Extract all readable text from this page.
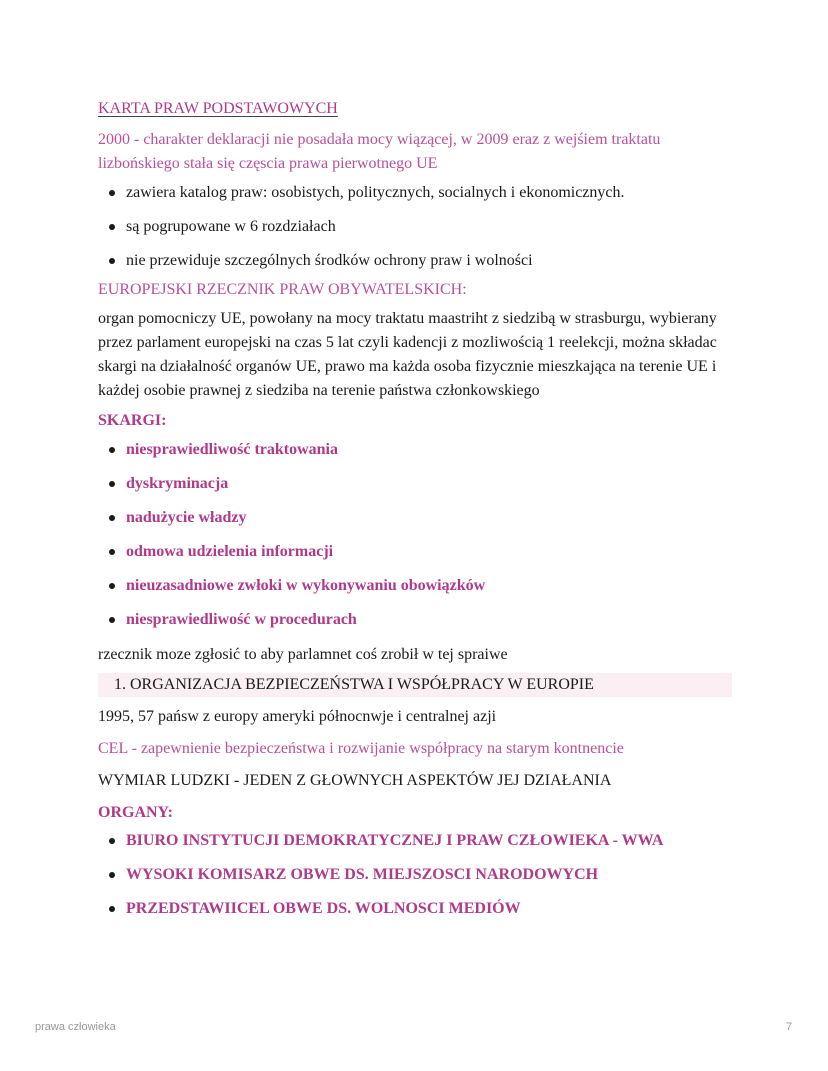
KARTA PRAW PODSTAWOWYCH

2000 - charakter deklaracji nie posadała mocy wiązącej, w 2009 eraz z wejśiem traktatu lizbońskiego stała się częscia prawa pierwotnego UE

zawiera katalog praw: osobistych, politycznych, socialnych i ekonomicznych.
są pogrupowane w 6 rozdziałach
nie przewiduje szczególnych środków ochrony praw i wolności

EUROPEJSKI RZECZNIK PRAW OBYWATELSKICH:

organ pomocniczy UE, powołany na mocy traktatu maastriht z siedzibą w strasburgu, wybierany przez parlament europejski na czas 5 lat czyli kadencji z mozliwością 1 reelekcji, można składac skargi na działalność organów UE, prawo ma każda osoba fizycznie mieszkająca na terenie UE i każdej osobie prawnej z siedziba na terenie państwa członkowskiego

SKARGI:

niesprawiedliwość traktowania
dyskryminacja
nadużycie władzy
odmowa udzielenia informacji
nieuzasadniowe zwłoki w wykonywaniu obowiązków
niesprawiedliwość w procedurach

rzecznik moze zgłosić to aby parlamnet coś zrobił w tej spraiwe

1. ORGANIZACJA BEZPIECZEŃSTWA I WSPÓŁPRACY W EUROPIE

1995, 57 pańsw z europy ameryki północnwje i centralnej azji

CEL - zapewnienie bezpieczeństwa i rozwijanie współpracy na starym kontnencie

WYMIAR LUDZKI - JEDEN Z GŁOWNYCH ASPEKTÓW JEJ DZIAŁANIA

ORGANY:

BIURO INSTYTUCJI DEMOKRATYCZNEJ I PRAW CZŁOWIEKA - WWA
WYSOKI KOMISARZ OBWE DS. MIEJSZOSCI NARODOWYCH
PRZEDSTAWIICEL OBWE DS. WOLNOSCI MEDIÓW
prawa człowieka	7
